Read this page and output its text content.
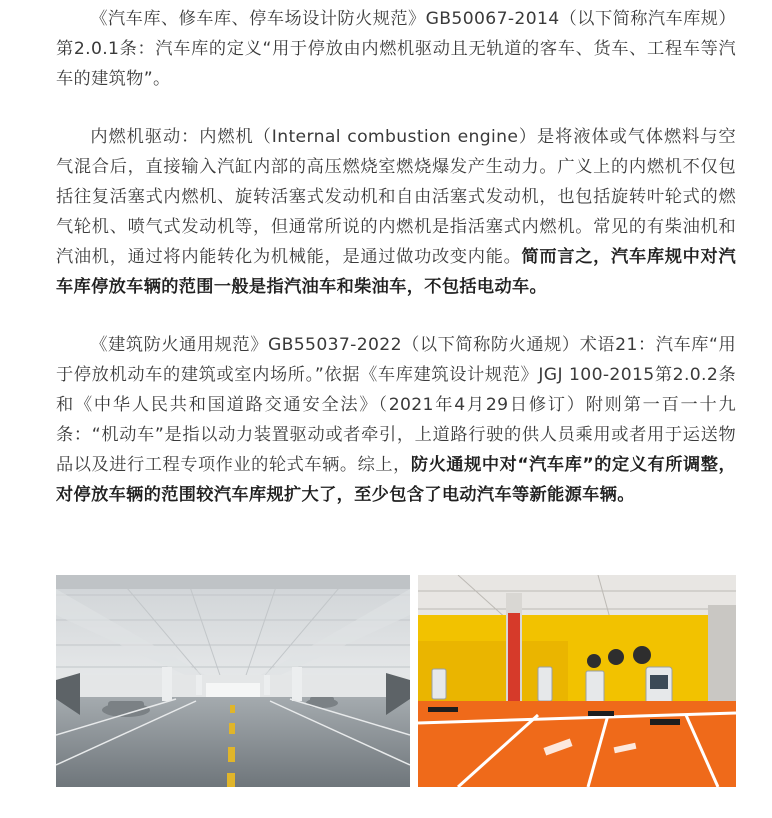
《汽车库、修车库、停车场设计防火规范》GB50067-2014（以下简称汽车库规）第2.0.1条：汽车库的定义“用于停放由内燃机驱动且无轨道的客车、货车、工程车等汽车的建筑物”。

内燃机驱动：内燃机（Internal combustion engine）是将液体或气体燃料与空气混合后，直接输入汽缸内部的高压燃烧室燃烧爆发产生动力。广义上的内燃机不仅包括往复活塞式内燃机、旋转活塞式发动机和自由活塞式发动机，也包括旋转叶轮式的燃气轮机、喷气式发动机等，但通常所说的内燃机是指活塞式内燃机。常见的有柴油机和汽油机，通过将内能转化为机械能，是通过做功改变内能。简而言之，汽车库规中对汽车库停放车辆的范围一般是指汽油车和柴油车，不包括电动车。

《建筑防火通用规范》GB55037-2022（以下简称防火通规）术语21：汽车库“用于停放机动车的建筑或室内场所。”依据《车库建筑设计规范》JGJ 100-2015第2.0.2条和《中华人民共和国道路交通安全法》（2021年4月29日修订）附则第一百一十九条：“机动车”是指以动力装置驱动或者牵引，上道路行驶的供人员乘用或者用于运送物品以及进行工程专项作业的轮式车辆。综上，防火通规中对“汽车库”的定义有所调整，对停放车辆的范围较汽车库规扩大了，至少包含了电动汽车等新能源车辆。
